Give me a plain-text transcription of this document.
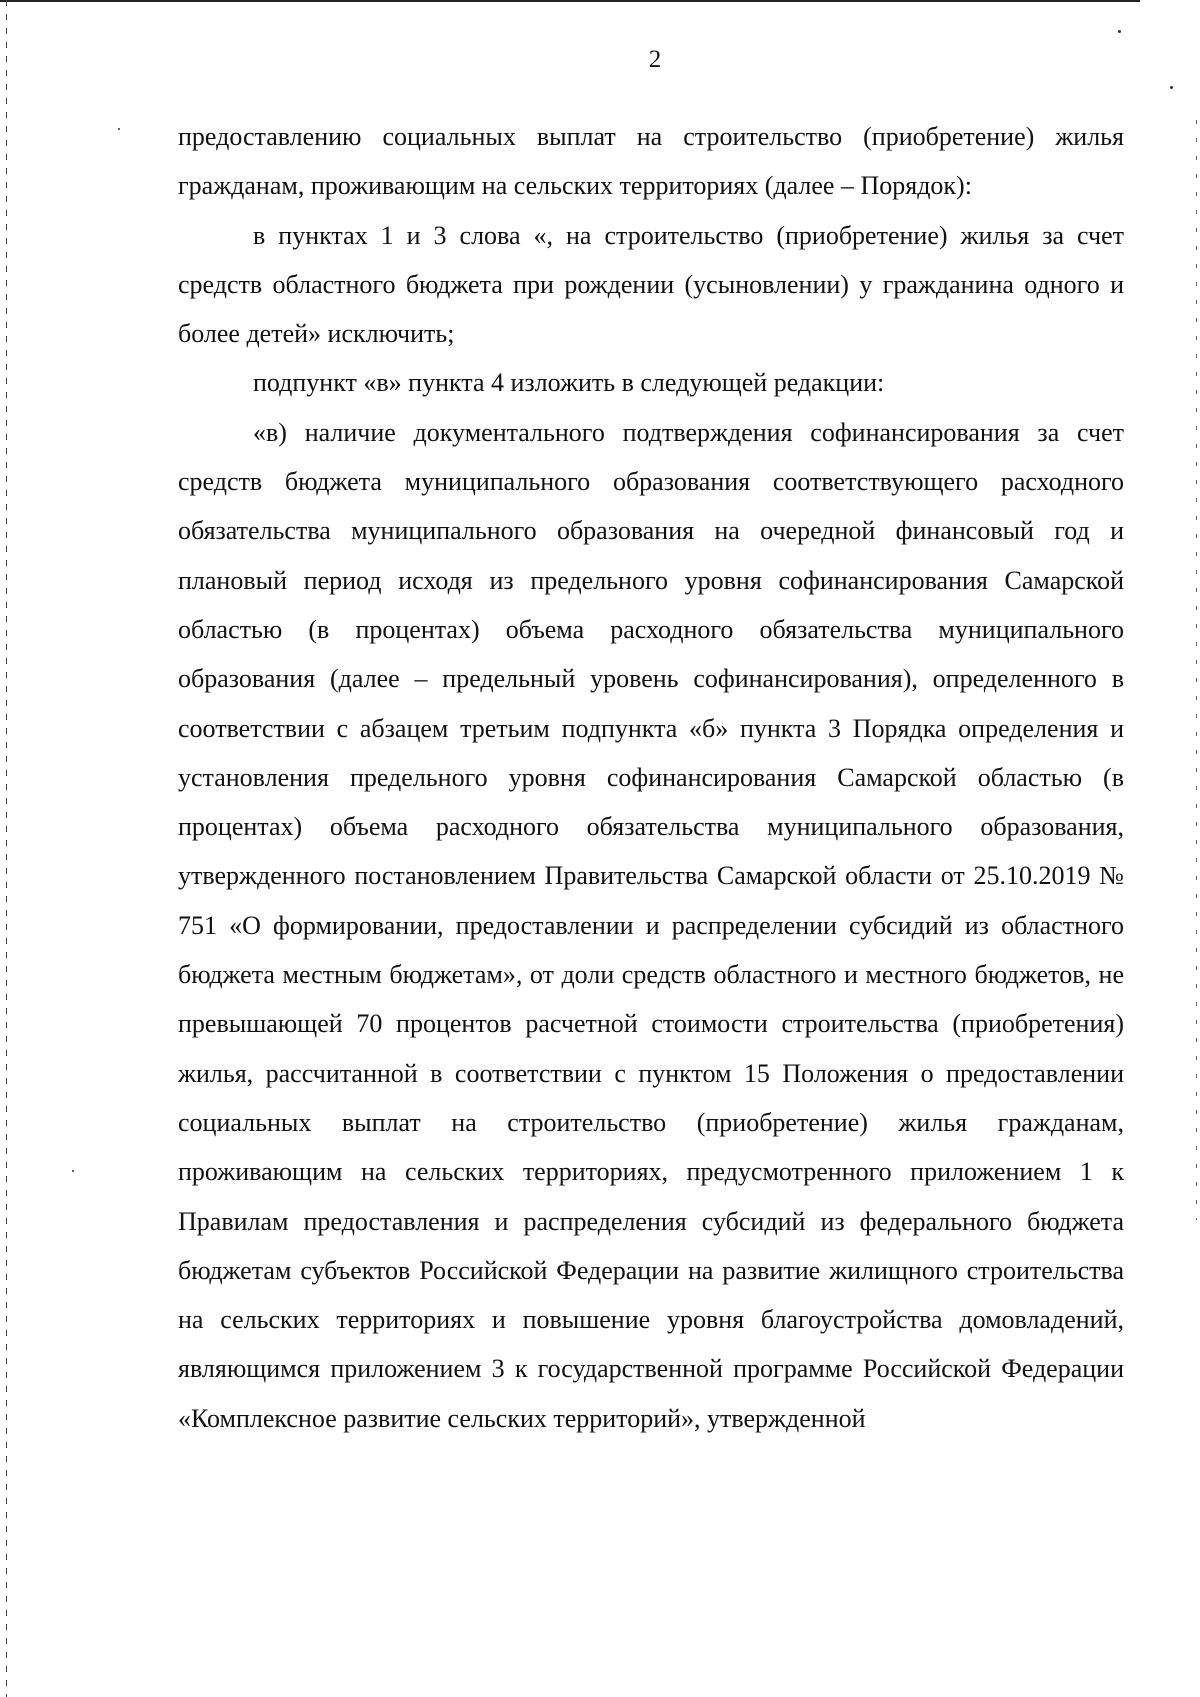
2

предоставлению социальных выплат на строительство (приобретение) жилья гражданам, проживающим на сельских территориях (далее – Порядок):

в пунктах 1 и 3 слова «, на строительство (приобретение) жилья за счет средств областного бюджета при рождении (усыновлении) у гражданина одного и более детей» исключить;

подпункт «в» пункта 4 изложить в следующей редакции:

«в) наличие документального подтверждения софинансирования за счет средств бюджета муниципального образования соответствующего расходного обязательства муниципального образования на очередной финансовый год и плановый период исходя из предельного уровня софинансирования Самарской областью (в процентах) объема расходного обязательства муниципального образования (далее – предельный уровень софинансирования), определенного в соответствии с абзацем третьим подпункта «б» пункта 3 Порядка определения и установления предельного уровня софинансирования Самарской областью (в процентах) объема расходного обязательства муниципального образования, утвержденного постановлением Правительства Самарской области от 25.10.2019 № 751 «О формировании, предоставлении и распределении субсидий из областного бюджета местным бюджетам», от доли средств областного и местного бюджетов, не превышающей 70 процентов расчетной стоимости строительства (приобретения) жилья, рассчитанной в соответствии с пунктом 15 Положения о предоставлении социальных выплат на строительство (приобретение) жилья гражданам, проживающим на сельских территориях, предусмотренного приложением 1 к Правилам предоставления и распределения субсидий из федерального бюджета бюджетам субъектов Российской Федерации на развитие жилищного строительства на сельских территориях и повышение уровня благоустройства домовладений, являющимся приложением 3 к государственной программе Российской Федерации «Комплексное развитие сельских территорий», утвержденной
